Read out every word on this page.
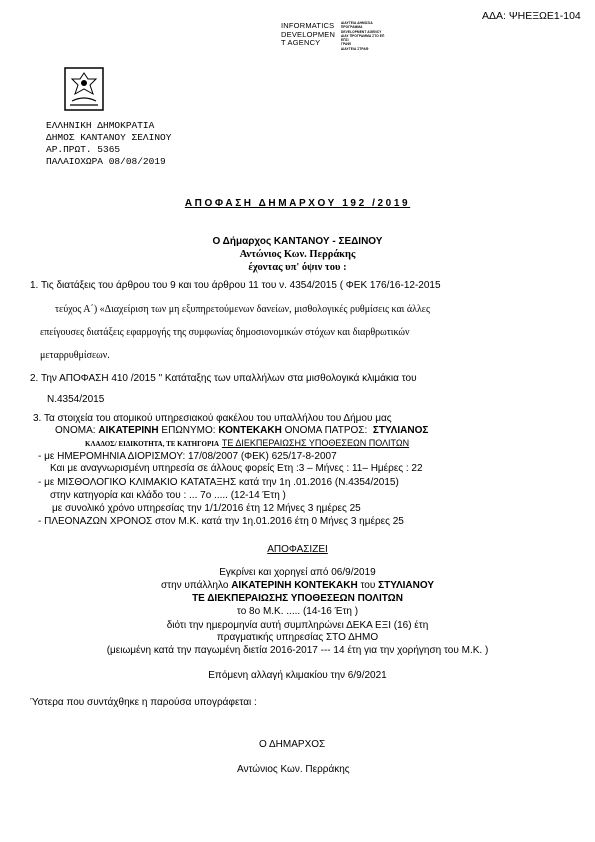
ΑΔΑ: ΨΗΕΞΩΕ1-104
INFORMATICS
DEVELOPMEN
T AGENCY
ΔΙΑΥΓΕΙΑ ΔΗΜΟΣΙΑ
ΠΡΟΓΡΑΜΜΑ
DEVELOPMENT AGENCY
ΔΙΑΥ ΠΡΟΓΡΑΜΜΑ ΣΤΟ ΕΠ
ΕΠΣΙ
ΓΡΑΦΙ
ΔΙΑΥΓΕΙΑ ΣΤΡΑΦ
ΕΛΛΗΝΙΚΗ ΔΗΜΟΚΡΑΤΙΑ
ΔΗΜΟΣ ΚΑΝΤΑΝΟΥ ΣΕΛΙΝΟΥ
ΑΡ.ΠΡΩΤ. 5365
ΠΑΛΑΙΟΧΩΡΑ 08/08/2019
ΑΠΟΦΑΣΗ ΔΗΜΑΡΧΟΥ 192 /2019
Ο Δήμαρχος ΚΑΝΤΑΝΟΥ - ΣΕΔΙΝΟΥ
Αντώνιος Κων. Περράκης
έχοντας υπ' όψιν του :
1. Τις διατάξεις του άρθρου του 9 και του άρθρου 11 του ν. 4354/2015 ( ΦΕΚ 176/16-12-2015
τεύχος Α΄) «Διαχείριση των μη εξυπηρετούμενων δανείων, μισθολογικές ρυθμίσεις και άλλες
επείγουσες διατάξεις εφαρμογής της συμφωνίας δημοσιονομικών στόχων και διαρθρωτικών
μεταρρυθμίσεων.
2. Την ΑΠΟΦΑΣΗ 410 /2015 " Κατάταξης των υπαλλήλων στα μισθολογικά κλιμάκια του
Ν.4354/2015
3. Τα στοιχεία του ατομικού υπηρεσιακού φακέλου του υπαλλήλου του Δήμου μας
ΟΝΟΜΑ: ΑΙΚΑΤΕΡΙΝΗ ΕΠΩΝΥΜΟ: ΚΟΝΤΕΚΑΚΗ ΟΝΟΜΑ ΠΑΤΡΟΣ: ΣΤΥΛΙΑΝΟΣ
ΚΛΑΔΟΣ/ ΕΙΔΙΚΟΤΗΤΑ, ΤΕ ΚΑΤΗΓΟΡΙΑ ΤΕ ΔΙΕΚΠΕΡΑΙΩΣΗΣ ΥΠΟΘΕΣΕΩΝ ΠΟΛΙΤΩΝ
- με ΗΜΕΡΟΜΗΝΙΑ ΔΙΟΡΙΣΜΟΥ: 17/08/2007 (ΦΕΚ) 625/17-8-2007
Και με αναγνωρισμένη υπηρεσία σε άλλους φορείς Ετη :3 – Μήνες : 11– Ημέρες : 22
- με ΜΙΣΘΟΛΟΓΙΚΟ ΚΛΙΜΑΚΙΟ ΚΑΤΑΤΑΞΗΣ κατά την 1η .01.2016 (Ν.4354/2015)
στην κατηγορία και κλάδο του : ... 7ο ..... (12-14 Έτη )
με συνολικό χρόνο υπηρεσίας την 1/1/2016 έτη 12 Μήνες 3 ημέρες 25
- ΠΛΕΟΝΑΖΩΝ ΧΡΟΝΟΣ στον Μ.Κ. κατά την 1η.01.2016 έτη 0 Μήνες 3 ημέρες 25
ΑΠΟΦΑΣΙΖΕΙ
Εγκρίνει και χορηγεί από 06/9/2019
στην υπάλληλο ΑΙΚΑΤΕΡΙΝΗ ΚΟΝΤΕΚΑΚΗ του ΣΤΥΛΙΑΝΟΥ
ΤΕ ΔΙΕΚΠΕΡΑΙΩΣΗΣ ΥΠΟΘΕΣΕΩΝ ΠΟΛΙΤΩΝ
το 8ο Μ.Κ. ..... (14-16 Έτη )
διότι την ημερομηνία αυτή συμπληρώνει ΔΕΚΑ ΕΞΙ (16) έτη
πραγματικής υπηρεσίας ΣΤΟ ΔΗΜΟ
(μειωμένη κατά την παγωμένη διετία 2016-2017 --- 14 έτη για την χορήγηση του Μ.Κ. )
Επόμενη αλλαγή κλιμακίου την 6/9/2021
Ύστερα που συντάχθηκε η παρούσα υπογράφεται :
Ο ΔΗΜΑΡΧΟΣ
Αντώνιος Κων. Περράκης
